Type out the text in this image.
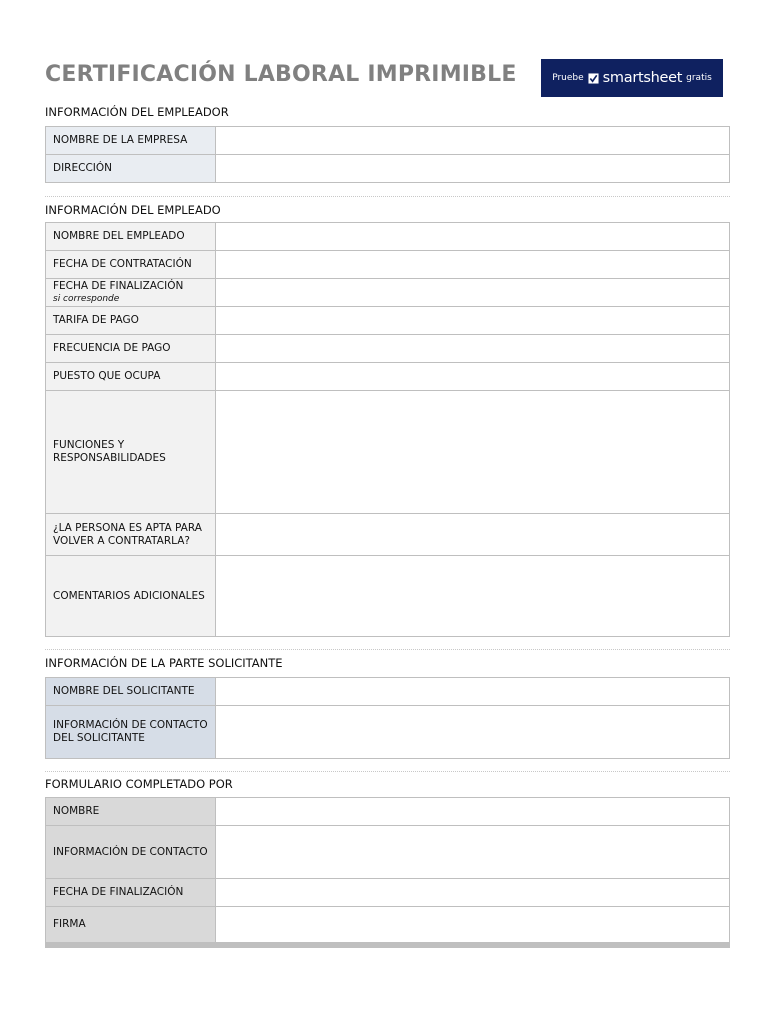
CERTIFICACIÓN LABORAL IMPRIMIBLE	Pruebe smartsheet gratis
INFORMACIÓN DEL EMPLEADOR
NOMBRE DE LA EMPRESA	
DIRECCIÓN	
INFORMACIÓN DEL EMPLEADO
NOMBRE DEL EMPLEADO	
FECHA DE CONTRATACIÓN	
FECHA DE FINALIZACIÓN
si corresponde	

TARIFA DE PAGO	
FRECUENCIA DE PAGO	
PUESTO QUE OCUPA	
FUNCIONES Y RESPONSABILIDADES	
¿LA PERSONA ES APTA PARA VOLVER A CONTRATARLA?	
COMENTARIOS ADICIONALES	
INFORMACIÓN DE LA PARTE SOLICITANTE
NOMBRE DEL SOLICITANTE	
INFORMACIÓN DE CONTACTO DEL SOLICITANTE	
FORMULARIO COMPLETADO POR
NOMBRE	
INFORMACIÓN DE CONTACTO	
FECHA DE FINALIZACIÓN	
FIRMA	
